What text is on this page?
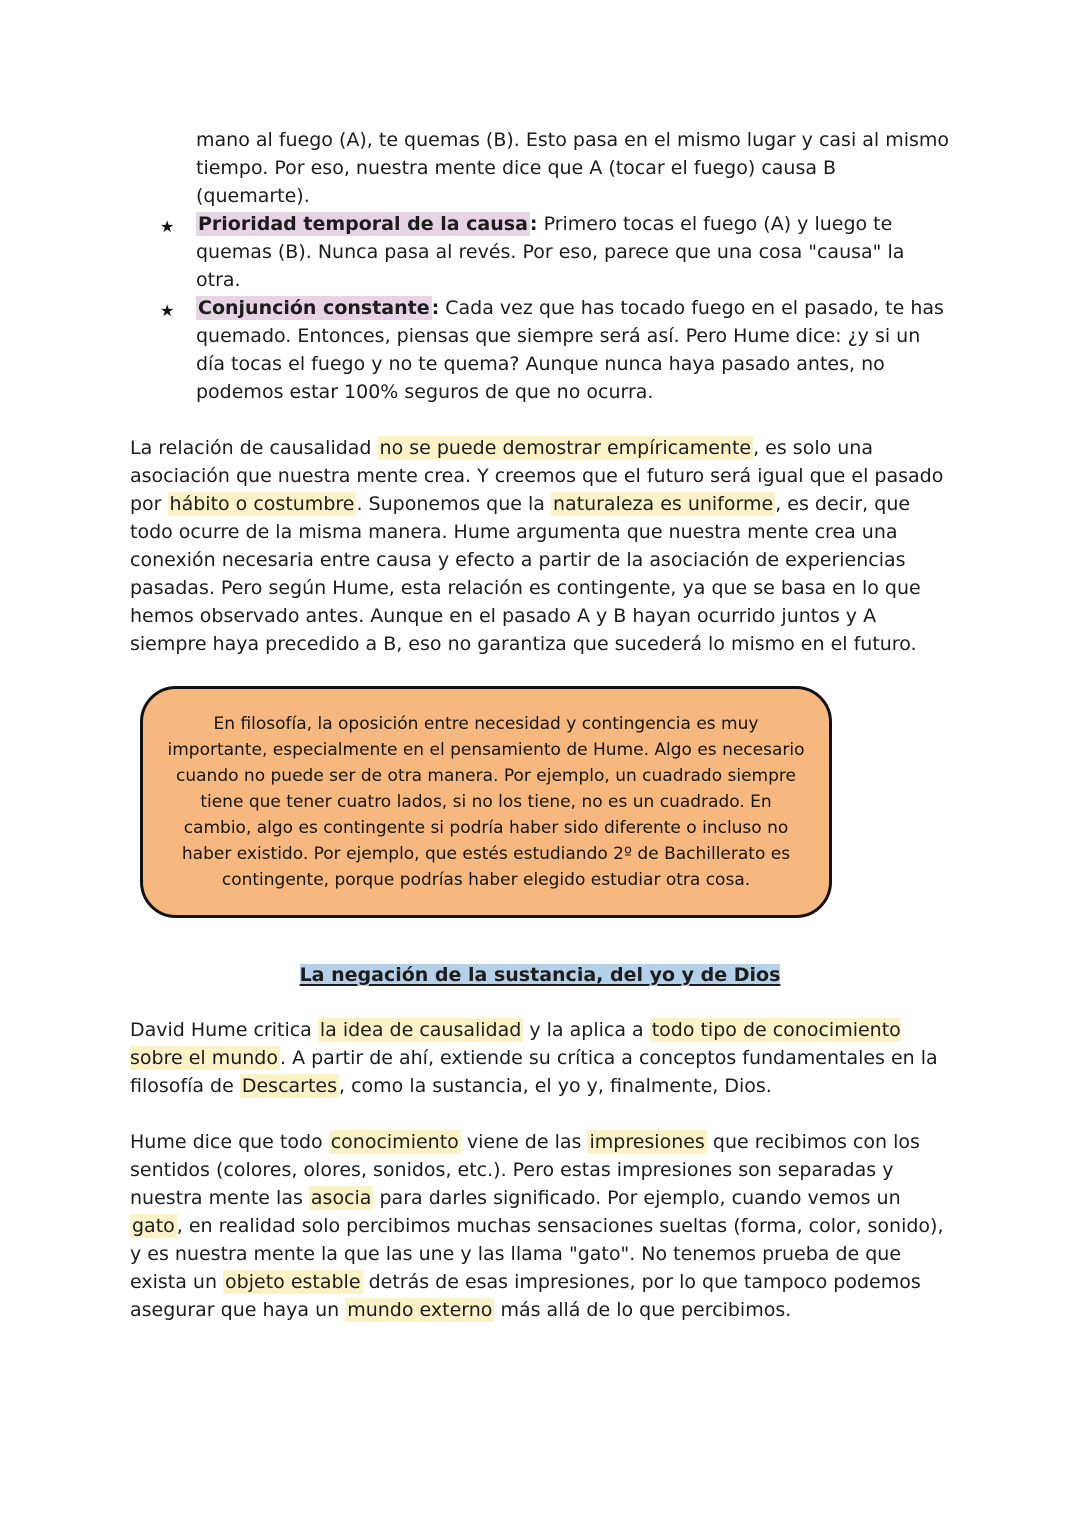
mano al fuego (A), te quemas (B). Esto pasa en el mismo lugar y casi al mismo tiempo. Por eso, nuestra mente dice que A (tocar el fuego) causa B (quemarte).

★	Prioridad temporal de la causa : Primero tocas el fuego (A) y luego te quemas (B). Nunca pasa al revés. Por eso, parece que una cosa "causa" la otra.

★	Conjunción constante : Cada vez que has tocado fuego en el pasado, te has quemado. Entonces, piensas que siempre será así. Pero Hume dice: ¿y si un día tocas el fuego y no te quema? Aunque nunca haya pasado antes, no podemos estar 100% seguros de que no ocurra.

La relación de causalidad no se puede demostrar empíricamente , es solo una asociación que nuestra mente crea. Y creemos que el futuro será igual que el pasado por hábito o costumbre . Suponemos que la naturaleza es uniforme , es decir, que todo ocurre de la misma manera. Hume argumenta que nuestra mente crea una conexión necesaria entre causa y efecto a partir de la asociación de experiencias pasadas. Pero según Hume, esta relación es contingente, ya que se basa en lo que hemos observado antes. Aunque en el pasado A y B hayan ocurrido juntos y A siempre haya precedido a B, eso no garantiza que sucederá lo mismo en el futuro.

En filosofía, la oposición entre necesidad y contingencia es muy importante, especialmente en el pensamiento de Hume. Algo es necesario cuando no puede ser de otra manera. Por ejemplo, un cuadrado siempre tiene que tener cuatro lados, si no los tiene, no es un cuadrado. En cambio, algo es contingente si podría haber sido diferente o incluso no haber existido. Por ejemplo, que estés estudiando 2º de Bachillerato es contingente, porque podrías haber elegido estudiar otra cosa.

La negación de la sustancia, del yo y de Dios

David Hume critica la idea de causalidad y la aplica a todo tipo de conocimiento sobre el mundo . A partir de ahí, extiende su crítica a conceptos fundamentales en la filosofía de Descartes , como la sustancia, el yo y, finalmente, Dios.

Hume dice que todo conocimiento viene de las impresiones que recibimos con los sentidos (colores, olores, sonidos, etc.). Pero estas impresiones son separadas y nuestra mente las asocia para darles significado. Por ejemplo, cuando vemos un gato , en realidad solo percibimos muchas sensaciones sueltas (forma, color, sonido), y es nuestra mente la que las une y las llama "gato". No tenemos prueba de que exista un objeto estable detrás de esas impresiones, por lo que tampoco podemos asegurar que haya un mundo externo más allá de lo que percibimos.
